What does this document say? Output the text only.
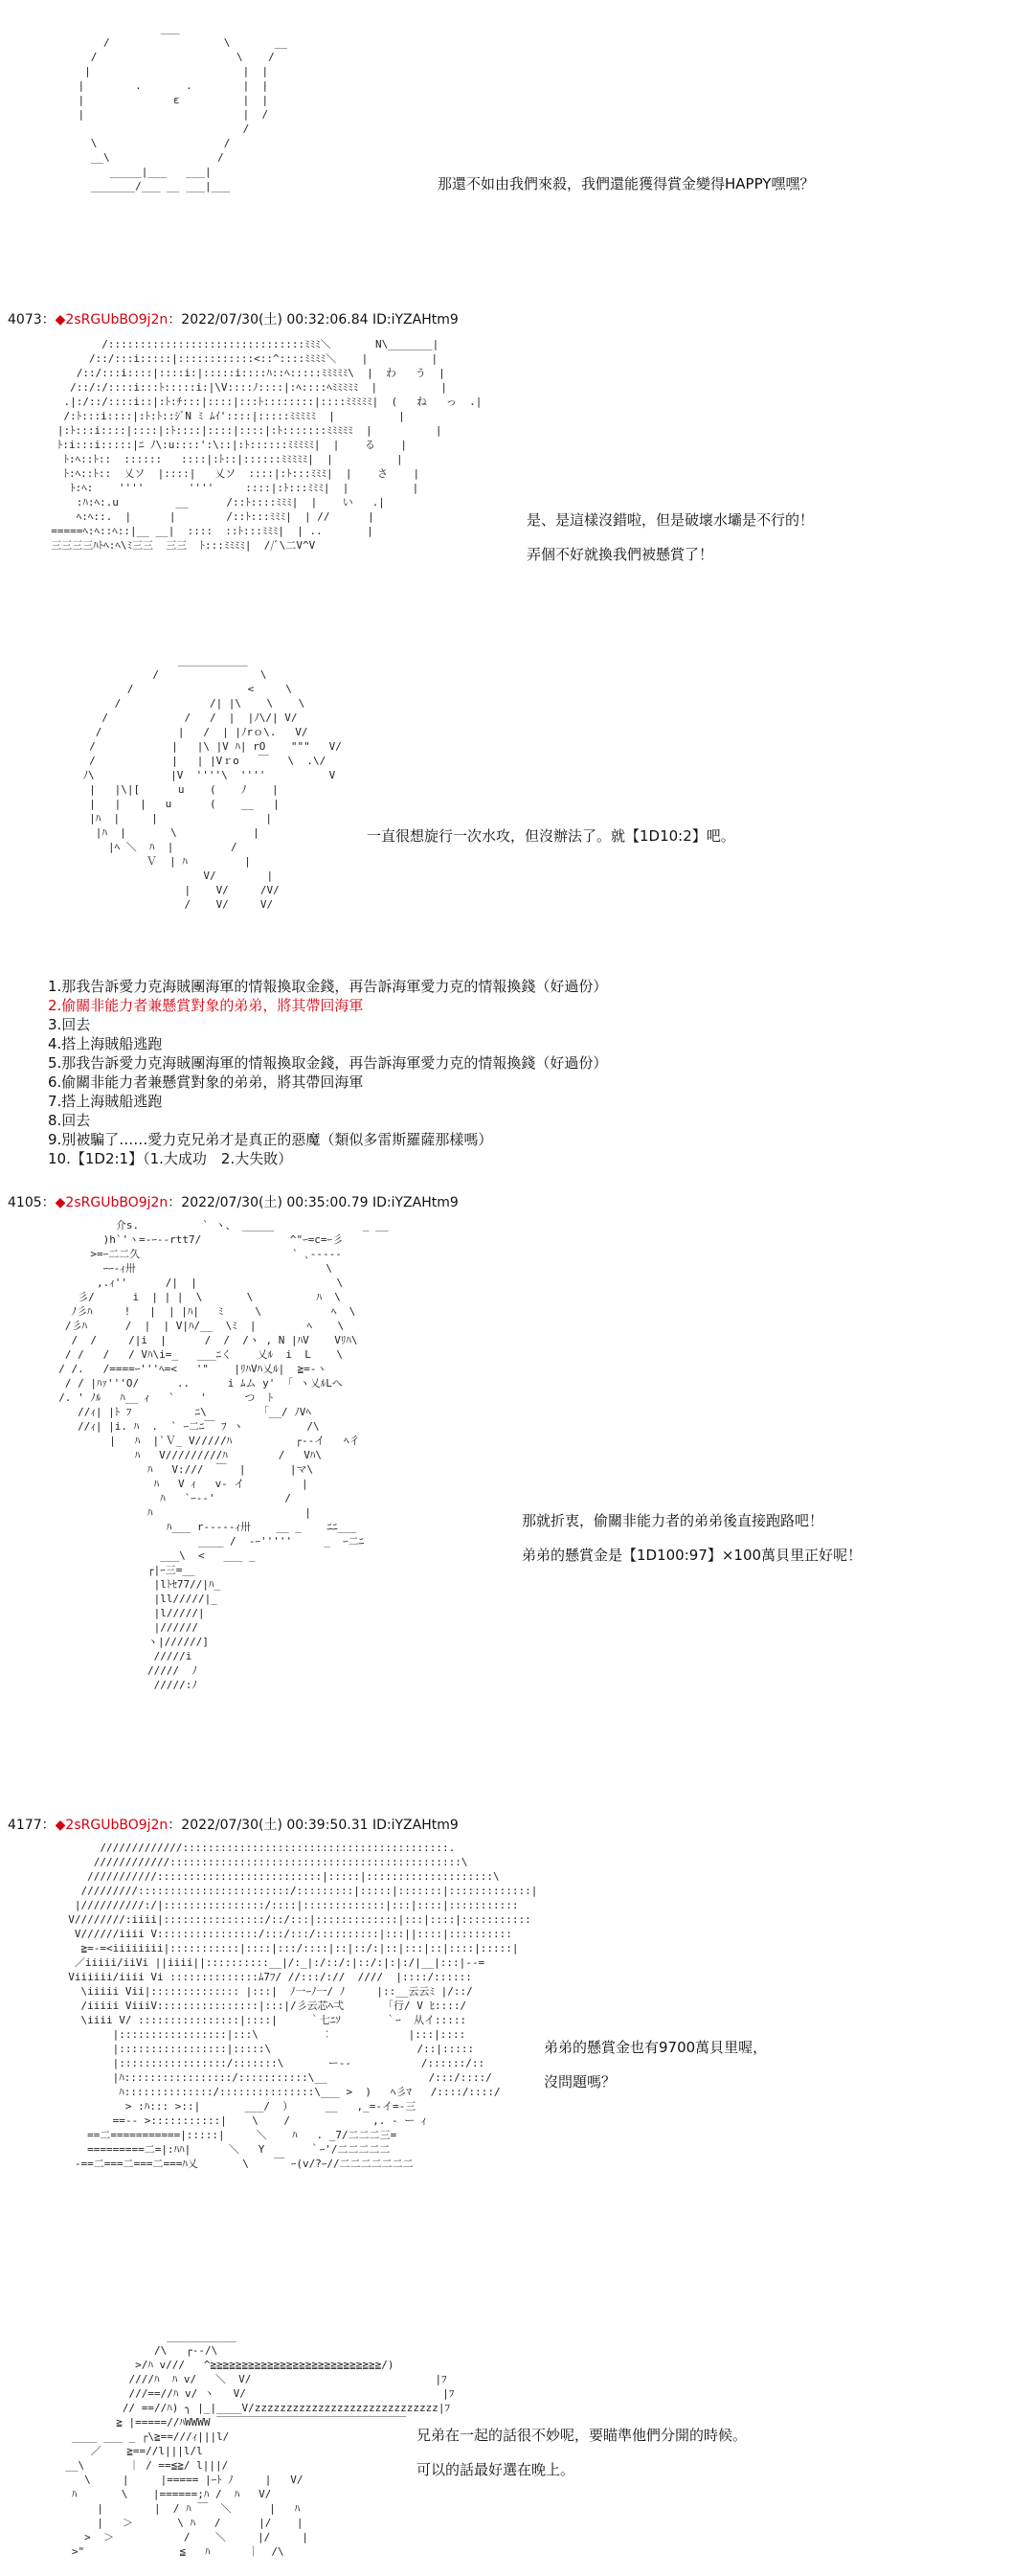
___
/                  \       __
/                      \    /
|                        |  |
|        .       .        |  |
|              ε          |  |
|                         |  /
/
\                    /
__\                 /
_____|___   ___|
_______/___ __ ___|___	那還不如由我們來殺，我們還能獲得賞金變得HAPPY嘿嘿？
4073：◆2sRGUbBO9j2n：2022/07/30(土) 00:32:06.84 ID:iYZAHtm9
/:::::::::::::::::::::::::::::::ﾐﾐﾐ＼       N\_______|
/::/:::i:::::|::::::::::::<::^::::ﾐﾐﾐﾐ＼    |          |
/::/:::i::::|::::i:|:::::i::::ﾊ::ﾍ:::::ﾐﾐﾐﾐﾐ\  |  わ   う  |
/::/:/::::i:::ﾄ:::::i:|\V::::ﾉ::::|:ﾍ::::ﾍﾐﾐﾐﾐﾐ  |          |
.|:/::/::::i::|:ﾄ:ﾁ:::|::::|:::ﾄ::::::::|::::ﾐﾐﾐﾐﾐ|  (   ね   っ  .|
/:ﾄ:::i::::|:ﾄ:ﾄ::ｼﾞN ﾐ ﾑｲ'::::|:::::ﾐﾐﾐﾐﾐ  |          |
|:ﾄ:::i::::|::::|:ﾄ::::|::::|::::|:ﾄ:::::::ﾐﾐﾐﾐﾐ  |          |
ﾄ:i:::i:::::|ﾆ ﾉ\:u::::':\::|:ﾄ::::::ﾐﾐﾐﾐﾐ|  |    る    |
ﾄ:ﾍ::ﾄ::  ::::::   ::::|:ﾄ::|::::::ﾐﾐﾐﾐﾐ|  |          |
ﾄ:ﾍ::ﾄ::  乂ソ  |::::|   乂ソ  ::::|:ﾄ:::ﾐﾐﾐ|  |    さ    |
ﾄ:ﾍ:    ''''       ''''     ::::|:ﾄ:::ﾐﾐﾐ|  |          |
:ﾊ:ﾍ:.u         __      /::ﾄ::::ﾐﾐﾐ|  |    い   .|
ﾍ:ﾍ::.  |      |        /::ﾄ:::ﾐﾐﾐ|  | //      |
=====ﾍ:ﾍ::ﾍ::|__ __|  ::::  ::ﾄ:::ﾐﾐﾐ|  | ..       |
三三三三ﾊﾄﾍ:ﾍ\ﾐ三三  三三  ﾄ:::ﾐﾐﾐﾐ|  //ﾞ\二V^V
是、是這樣沒錯啦，但是破壞水壩是不行的！
弄個不好就換我們被懸賞了！
___________
/                \
/                  <     \
/              /| |\    \    \
/            /   /  |  |ﾉ\/| V/
/            |   /  | |ﾉrｏ\.   V/
/            |   |\ |V ﾊ| rO    """   V/
/            |   | |Vｒo   ￣   \  .\/
ﾉ\            |V  ''''\  ''''          V
|   |\|[      u    (    ﾉ    |
|   |   |   u      (    __   |
|ﾊ  |     |                 |
|ﾊ  |       \            |
|ﾍ ＼  ﾊ  |         /
Ｖ  | ﾊ         |
V/        |
|    V/     /V/
/    V/     V/
一直很想旋行一次水攻，但沒辦法了。就【1D10:2】吧。
1.那我告訴愛力克海賊團海軍的情報換取金錢，再告訴海軍愛力克的情報換錢（好過份）
2.偷關非能力者兼懸賞對象的弟弟，將其帶回海軍
3.回去
4.搭上海賊船逃跑
5.那我告訴愛力克海賊團海軍的情報換取金錢，再告訴海軍愛力克的情報換錢（好過份）
6.偷關非能力者兼懸賞對象的弟弟，將其帶回海軍
7.搭上海賊船逃跑
8.回去
9.別被騙了……愛力克兄弟才是真正的惡魔（類似多雷斯羅薩那樣嗎）
10.【1D2:1】（1.大成功　2.大失敗）
4105：◆2sRGUbBO9j2n：2022/07/30(土) 00:35:00.79 ID:iYZAHtm9
介s.          ` ヽ、 _____              _ __
)h`'ヽ=-ｰ--rtt7/              ^"ｰ=c=ｰ彡
>=ｰ二二久                        ` ､-----
ｰｰ-ｨ卅                              \
,.ｨ''      /|  |                      \
彡/      i  | | |  \       \          ﾊ  \
ﾉ彡ﾊ     !   |  | |ﾊ|   ﾐ     \           ﾍ  \
/彡ﾊ      /  |  | V|ﾊ/__  \ﾐ  |        ﾍ    \
/  /     /|i  |      /  /  /ヽ , N |ﾊV    Vﾘﾊ\
/ /   /   / Vﾊ\i=_   ___ﾆく    乂ﾙ  i  L    \
/ /.   /====ｰ'''ﾍ=<   '"    |ﾘﾊVﾊ乂ﾙ|  ≧=-ヽ
/ / |ﾊｧ'''O/      ..      i ﾑム y'  ｢ ヽ乂ﾙLへ
/. ' ﾉﾙ   ﾊ__ ｨ   `    '      つ  ﾄ
//ｨ| |ﾄ ﾌ          ﾆ\         ｢__/ ﾉVﾍ
//ｨ| |i. ﾊ  .  ` ｰ二ﾆ￣ ﾌ ヽ          /\
|   ﾊ  |`Ｖ_ V/////ﾊ          ┌--イ   ﾍ彳
ﾊ   V/////////ﾊ        /   Vﾊ\
ﾊ   V:///  ￣  |       |マ\
ﾊ   V ｨ   v- イ         |
ﾊ   `ｰ--'           /
ﾊ                        |
ﾊ___ r-----ｨ卅    __ _    ﾆﾆ___
____ /  -ｰ'''''     _  ｰ二ﾆ
___\  <   ___ _
┌|ｰ三=__
|lﾄｾ77//|ﾊ_
|ll/////|_
|l/////|
|//////
ヽ|//////]
/////i
/////  ﾉ
/////:ﾉ
那就折衷，偷關非能力者的弟弟後直接跑路吧！
弟弟的懸賞金是【1D100:97】×100萬貝里正好呢！
4177：◆2sRGUbBO9j2n：2022/07/30(土) 00:39:50.31 ID:iYZAHtm9
/////////////::::::::::::::::::::::::::::::::::::::::::.
////////////::::::::::::::::::::::::::::::::::::::::::::::\
///////////::::::::::::::::::::::::::|:::::|::::::::::::::::::::\
/////////::::::::::::::::::::::::/:::::::::|:::::|:::::::|:::::::::::::|
|//////////:/|::::::::::::::::/::::|:::::::::::::|:::|::::|:::::::::::
V////////:iiii|::::::::::::::::/::/:::|:::::::::::::|:::|::::|:::::::::::
V//////iiii V::::::::::::::::/:::/:::/::::::::::|:::||::::|::::::::::
≧=-=<iiiiiiii|:::::::::::|::::|:::/::::|::|::/:|::|:::|::|::::|:::::|
／iiiii/iiVi ||iiii||::::::::::__|/:_|:/::/:|::/:|:|:/|__|:::|--=
Viiiiii/iiii Vi ::::::::::::::ﾑ7ﾌ/ //:::/://  ////  |::::/::::::
\iiiii Vii|:::::::::::::: |:::|  ﾉ一ｰﾉ一/ ﾉ     |::__云云ﾐ |/::/
/iiiii ViiiV::::::::::::::::|:::|/彡云芯ﾍ弌       ｢行/ V ﾋ::::/
\iiii V/ ::::::::::::::::|::::|     ｀七ﾆｿ       ｀ｰ  从イ:::::
|:::::::::::::::::|:::\          ︰            |:::|::::
|:::::::::::::::::|:::::\                       /::|:::::
|:::::::::::::::::/:::::::\       ー--           /::::::/::
|ﾊ:::::::::::::::::/:::::::::::\__                /:::/::::/
ﾊ::::::::::::::/:::::::::::::::\___ >  )   ﾍ彡ﾏ   /::::/::::/
> :ﾊ::: >::|       ___/  ）     __   ,_=-イ=-三
==-- >:::::::::::|    \    /             ,. - ー ｨ
==二===========|:::::|     ＼    ﾊ   . _7/二二二三=
=========二=|:ﾊﾊ|      ＼   Y       ｀ｰ'/二二二二二
-==二===二===二===ﾊ乂       \    ￣ ｰ(v/?ｰ//二二二二二二二
弟弟的懸賞金也有9700萬貝里喔，
沒問題嗎？
___________
/\   ┌--/\
>/ﾊ v///   ^≧≧≧≧≧≧≧≧≧≧≧≧≧≧≧≧≧≧≧≧≧≧≧≧≧≧≧/)
////ﾊ  ﾊ v/   ＼  V/                             |ﾌ
///==//ﾊ v/ ヽ   V/                               |ﾌ
// ==//ﾊ) ╮ |_|____V/zzzzzzzzzzzzzzzzzzzzzzzzzzzzz|ﾌ
≧ |=====//ﾊWWWW ￣￣￣￣￣￣￣￣￣￣￣￣￣￣￣￣￣￣
____ ___ _ ┌\≧==///ｨ|||l/
／    ≧==//l|||l/l
__\       ｜ / ==≦≧/ l|||/
\     |     |===== |ｰﾄ ﾉ     |   V/
ﾊ       \    |======;ﾊ /  ﾊ   V/
|        |  / ﾊ ￣  ＼      |   ﾊ
|   ＞       \ ﾊ   /      |/    |
>  ＞           /    ＼     |/     |
>"               ≦   ﾊ      ｜  /\
兄弟在一起的話很不妙呢，要瞄準他們分開的時候。
可以的話最好選在晚上。
